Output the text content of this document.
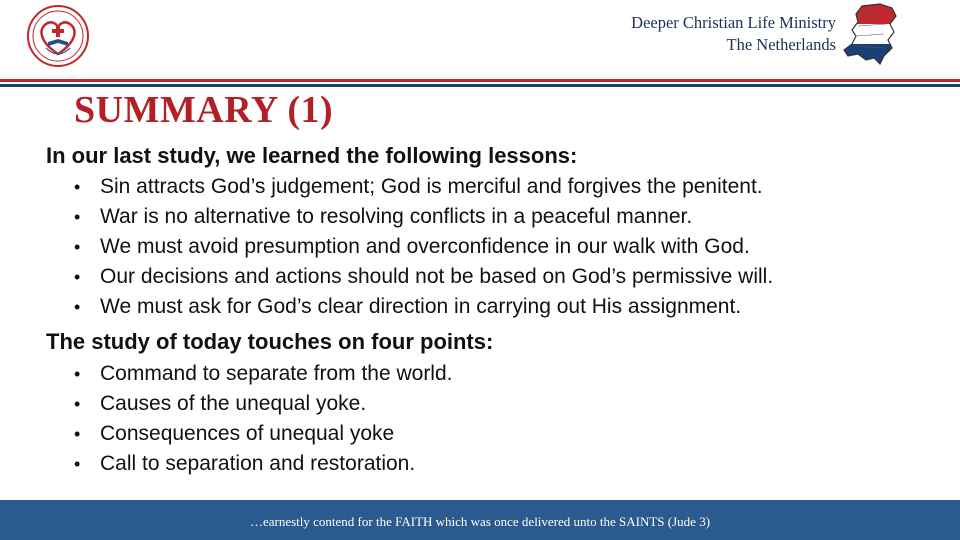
Deeper Christian Life Ministry
The Netherlands
SUMMARY (1)
In our last study, we learned the following lessons:
• Sin attracts God’s judgement; God is merciful and forgives the penitent.
• War is no alternative to resolving conflicts in a peaceful manner.
• We must avoid presumption and overconfidence in our walk with God.
• Our decisions and actions should not be based on God’s permissive will.
• We must ask for God’s clear direction in carrying out His assignment.
The study of today touches on four points:
• Command to separate from the world.
• Causes of the unequal yoke.
• Consequences of unequal yoke
• Call to separation and restoration.
…earnestly contend for the FAITH which was once delivered unto the SAINTS (Jude 3)
